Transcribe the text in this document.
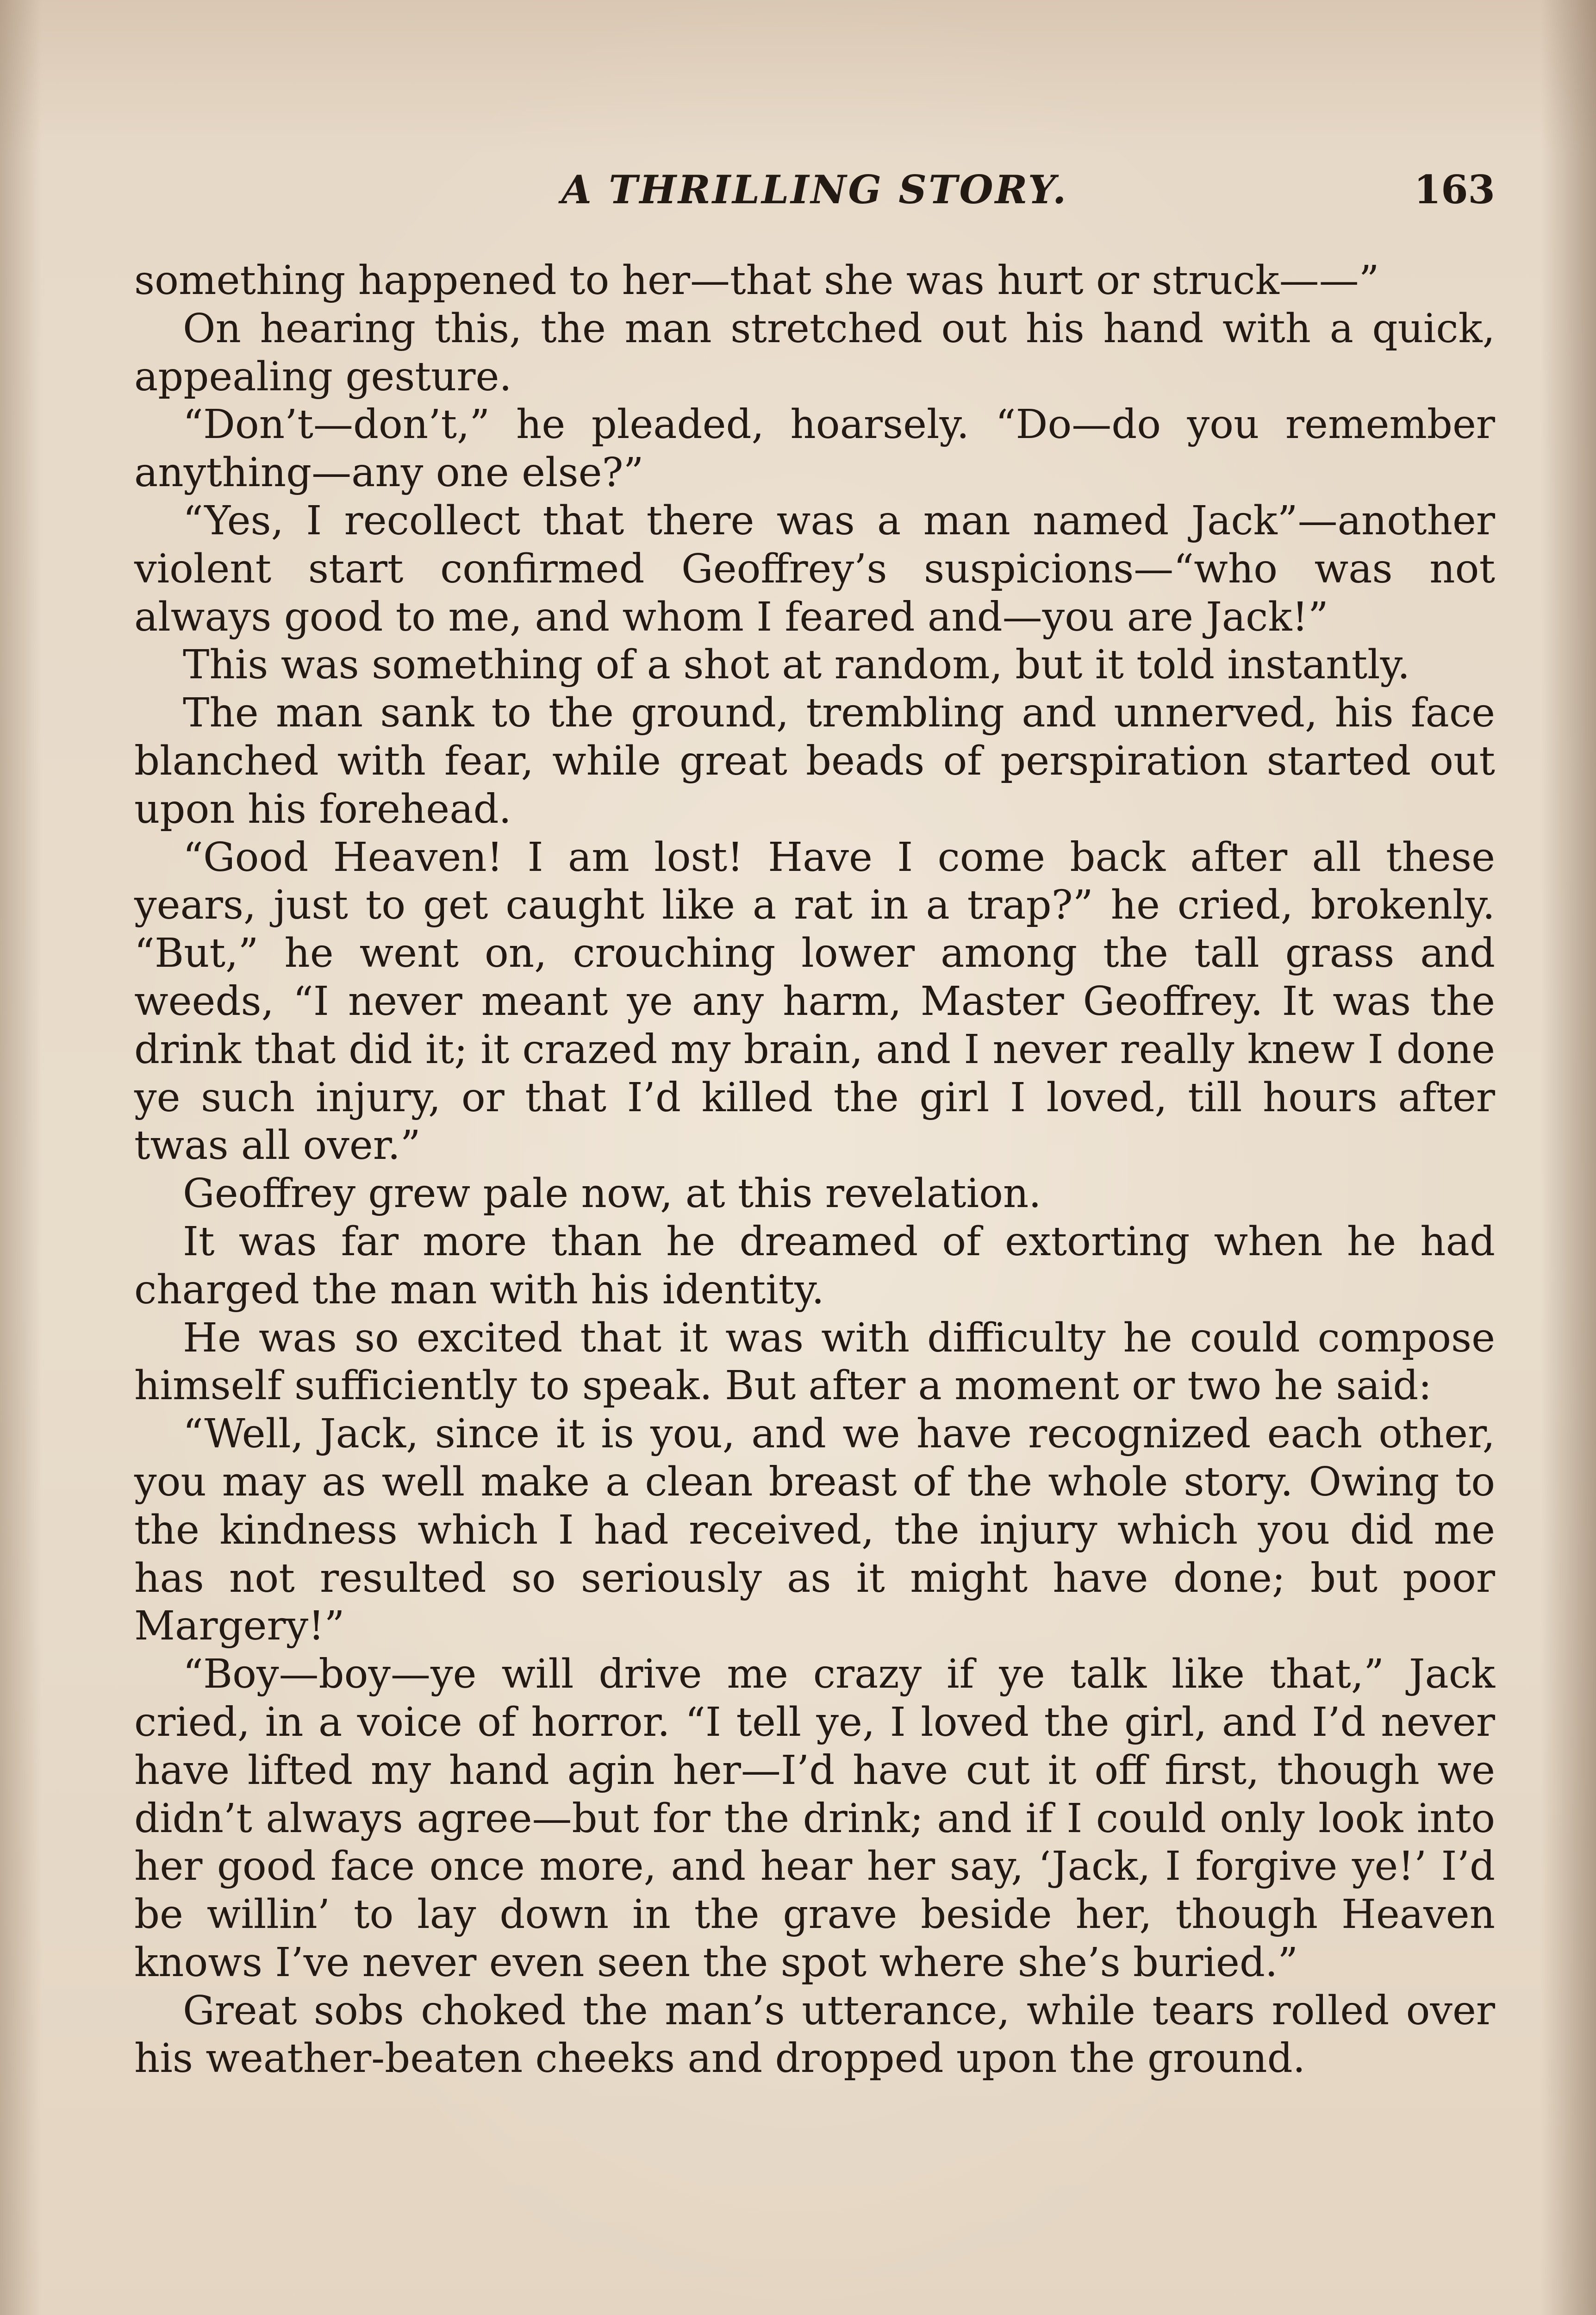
A THRILLING STORY.	163

something happened to her—that she was hurt or struck——”

On hearing this, the man stretched out his hand with a quick, appealing gesture.

“Don’t—don’t,” he pleaded, hoarsely. “Do—do you remember anything—any one else?”

“Yes, I recollect that there was a man named Jack”—another violent start confirmed Geoffrey’s suspicions—“who was not always good to me, and whom I feared and—you are Jack!”

This was something of a shot at random, but it told instantly.

The man sank to the ground, trembling and unnerved, his face blanched with fear, while great beads of perspiration started out upon his forehead.

“Good Heaven! I am lost! Have I come back after all these years, just to get caught like a rat in a trap?” he cried, brokenly. “But,” he went on, crouching lower among the tall grass and weeds, “I never meant ye any harm, Master Geoffrey. It was the drink that did it; it crazed my brain, and I never really knew I done ye such injury, or that I’d killed the girl I loved, till hours after twas all over.”

Geoffrey grew pale now, at this revelation.

It was far more than he dreamed of extorting when he had charged the man with his identity.

He was so excited that it was with difficulty he could compose himself sufficiently to speak. But after a moment or two he said:

“Well, Jack, since it is you, and we have recognized each other, you may as well make a clean breast of the whole story. Owing to the kindness which I had received, the injury which you did me has not resulted so seriously as it might have done; but poor Margery!”

“Boy—boy—ye will drive me crazy if ye talk like that,” Jack cried, in a voice of horror. “I tell ye, I loved the girl, and I’d never have lifted my hand agin her—I’d have cut it off first, though we didn’t always agree—but for the drink; and if I could only look into her good face once more, and hear her say, ‘Jack, I forgive ye!’ I’d be willin’ to lay down in the grave beside her, though Heaven knows I’ve never even seen the spot where she’s buried.”

Great sobs choked the man’s utterance, while tears rolled over his weather-beaten cheeks and dropped upon the ground.
